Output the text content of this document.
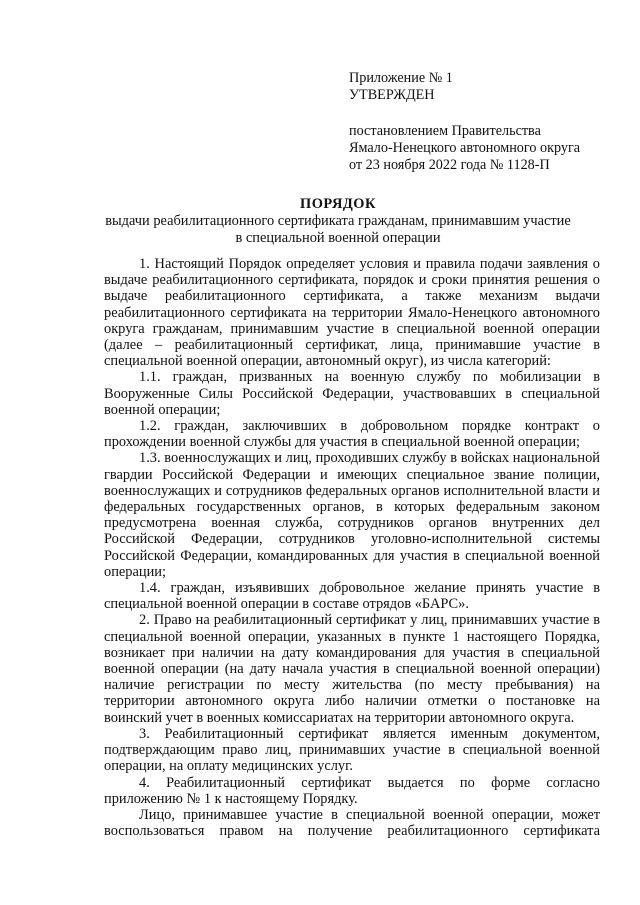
Приложение № 1
УТВЕРЖДЕН
постановлением Правительства
Ямало-Ненецкого автономного округа
от 23 ноября 2022 года № 1128-П
ПОРЯДОК
выдачи реабилитационного сертификата гражданам, принимавшим участие
в специальной военной операции

1. Настоящий Порядок определяет условия и правила подачи заявления о выдаче реабилитационного сертификата, порядок и сроки принятия решения о выдаче реабилитационного сертификата, а также механизм выдачи реабилитационного сертификата на территории Ямало-Ненецкого автономного округа гражданам, принимавшим участие в специальной военной операции (далее – реабилитационный сертификат, лица, принимавшие участие в специальной военной операции, автономный округ), из числа категорий:

1.1. граждан, призванных на военную службу по мобилизации в Вооруженные Силы Российской Федерации, участвовавших в специальной военной операции;

1.2. граждан, заключивших в добровольном порядке контракт о прохождении военной службы для участия в специальной военной операции;

1.3. военнослужащих и лиц, проходивших службу в войсках национальной гвардии Российской Федерации и имеющих специальное звание полиции, военнослужащих и сотрудников федеральных органов исполнительной власти и федеральных государственных органов, в которых федеральным законом предусмотрена военная служба, сотрудников органов внутренних дел Российской Федерации, сотрудников уголовно-исполнительной системы Российской Федерации, командированных для участия в специальной военной операции;

1.4. граждан, изъявивших добровольное желание принять участие в специальной военной операции в составе отрядов «БАРС».

2. Право на реабилитационный сертификат у лиц, принимавших участие в специальной военной операции, указанных в пункте 1 настоящего Порядка, возникает при наличии на дату командирования для участия в специальной военной операции (на дату начала участия в специальной военной операции) наличие регистрации по месту жительства (по месту пребывания) на территории автономного округа либо наличии отметки о постановке на воинский учет в военных комиссариатах на территории автономного округа.

3. Реабилитационный сертификат является именным документом, подтверждающим право лиц, принимавших участие в специальной военной операции, на оплату медицинских услуг.

4. Реабилитационный сертификат выдается по форме согласно приложению № 1 к настоящему Порядку.

Лицо, принимавшее участие в специальной военной операции, может воспользоваться правом на получение реабилитационного сертификата
